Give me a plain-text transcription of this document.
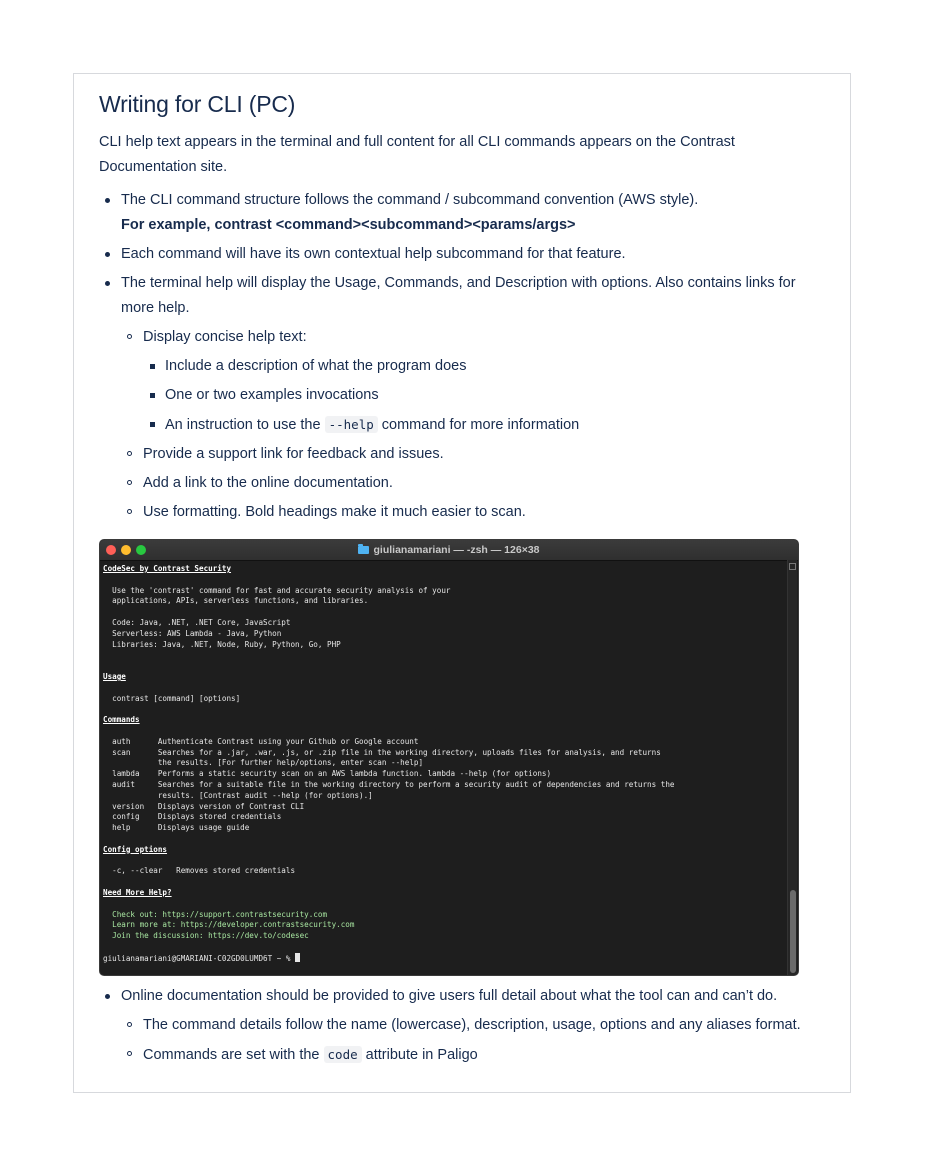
Writing for CLI (PC)

CLI help text appears in the terminal and full content for all CLI commands appears on the Contrast Documentation site.

The CLI command structure follows the command / subcommand convention (AWS style).
For example, contrast <command><subcommand><params/args>
Each command will have its own contextual help subcommand for that feature.
The terminal help will display the Usage, Commands, and Description with options. Also contains links for more help.
Display concise help text:
Include a description of what the program does
One or two examples invocations
An instruction to use the --help command for more information
Provide a support link for feedback and issues.
Add a link to the online documentation.
Use formatting. Bold headings make it much easier to scan.
giulianamariani — -zsh — 126×38
CodeSec by Contrast Security

Use the 'contrast' command for fast and accurate security analysis of your
applications, APIs, serverless functions, and libraries.

Code: Java, .NET, .NET Core, JavaScript
Serverless: AWS Lambda - Java, Python
Libraries: Java, .NET, Node, Ruby, Python, Go, PHP

Usage

contrast [command] [options]

Commands

auth      Authenticate Contrast using your Github or Google account
scan      Searches for a .jar, .war, .js, or .zip file in the working directory, uploads files for analysis, and returns
the results. [For further help/options, enter scan --help]
lambda    Performs a static security scan on an AWS lambda function. lambda --help (for options)
audit     Searches for a suitable file in the working directory to perform a security audit of dependencies and returns the
results. [Contrast audit --help (for options).]
version   Displays version of Contrast CLI
config    Displays stored credentials
help      Displays usage guide

Config options

-c, --clear   Removes stored credentials

Need More Help?

Check out: https://support.contrastsecurity.com
Learn more at: https://developer.contrastsecurity.com
Join the discussion: https://dev.to/codesec

giulianamariani@GMARIANI-C02GD0LUMD6T ~ %
Online documentation should be provided to give users full detail about what the tool can and can’t do.
The command details follow the name (lowercase), description, usage, options and any aliases format.
Commands are set with the code attribute in Paligo
